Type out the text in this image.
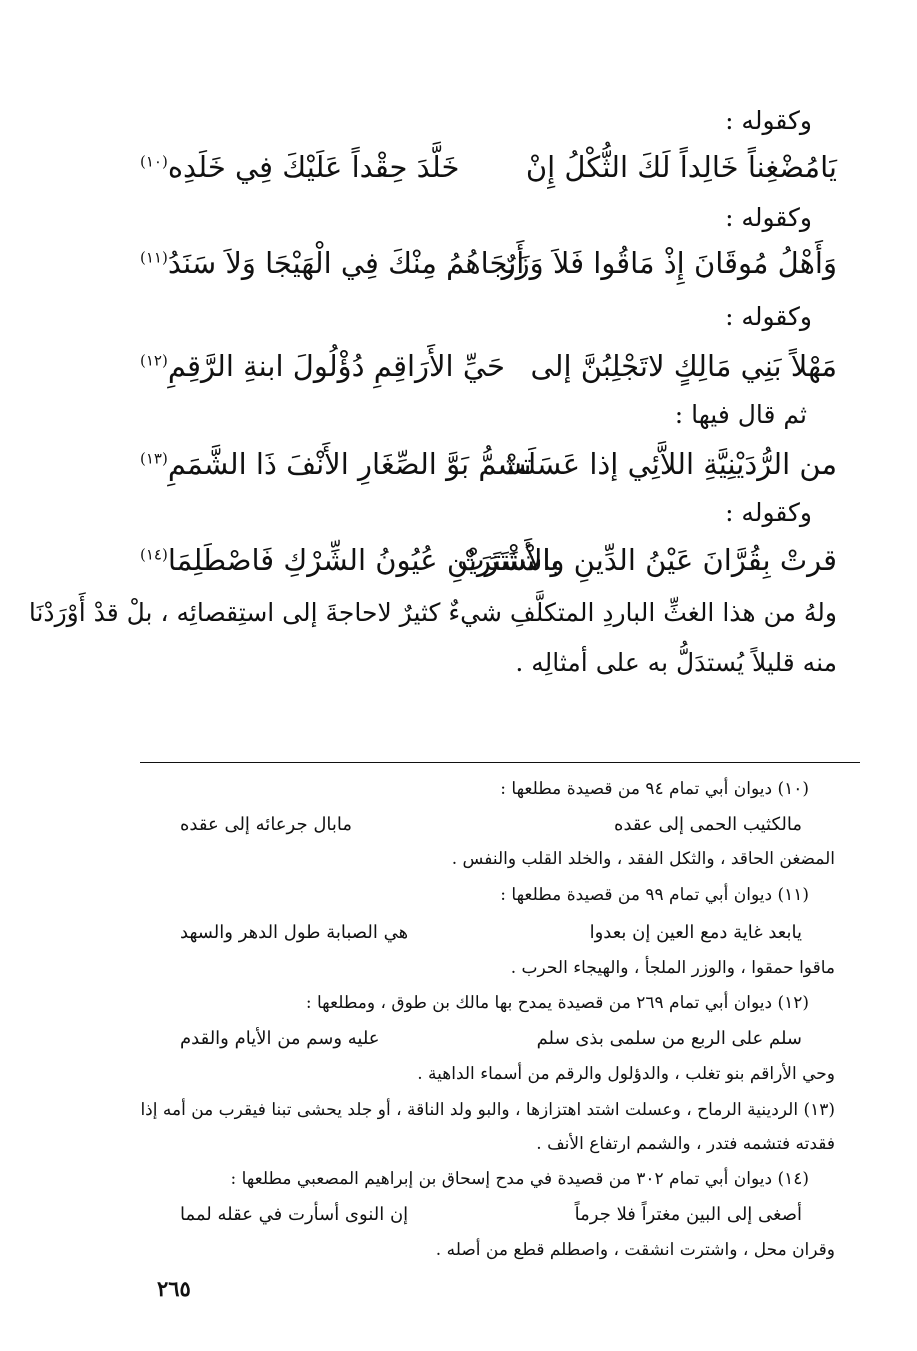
وكقوله :
يَامُضْغِناً خَالِداً لَكَ الثُّكْلُ إِنْ
خَلَّدَ حِقْداً عَلَيْكَ فِي خَلَدِه$^{(١٠)}$
وكقوله :
وَأَهْلُ مُوقَانَ إِذْ مَاقُوا فَلاَ وَزَرٌ
أَنجَاهُمُ مِنْكَ فِي الْهَيْجَا وَلاَ سَنَدُ$^{(١١)}$
وكقوله :
مَهْلاً بَنِي مَالِكٍ لاتَجْلِبُنَّ إلى
حَيِّ الأَرَاقِمِ دُؤْلُولَ ابنةِ الرَّقِمِ$^{(١٢)}$
ثم قال فيها :
من الرُّدَيْنِيَّةِ اللاَّئِي إذا عَسَلَتْ
تشمُّ بَوَّ الصِّغَارِ الأَنْفَ ذَا الشَّمَمِ$^{(١٣)}$
وكقوله :
قرتْ بِقُرَّانَ عَيْنُ الدِّينِ واشْتَتَرَتْ
بالأَشْتَرَيْنِ عُيُونُ الشِّرْكِ فَاصْطَلِمَا$^{(١٤)}$
ولهُ من هذا الغثِّ الباردِ المتكلَّفِ شيءٌ كثيرٌ لاحاجةَ إلى استِقصائِه ، بلْ قدْ أَوْرَدْنَا
منه قليلاً يُستدَلُّ به على أمثالِه .
(١٠) ديوان أبي تمام ٩٤ من قصيدة مطلعها :
مالكثيب الحمى إلى عقده
مابال جرعائه إلى عقده
المضغن الحاقد ، والثكل الفقد ، والخلد القلب والنفس .
(١١) ديوان أبي تمام ٩٩ من قصيدة مطلعها :
يابعد غاية دمع العين إن بعدوا
هي الصبابة طول الدهر والسهد
ماقوا حمقوا ، والوزر الملجأ ، والهيجاء الحرب .
(١٢) ديوان أبي تمام ٢٦٩ من قصيدة يمدح بها مالك بن طوق ، ومطلعها :
سلم على الربع من سلمى بذى سلم
عليه وسم من الأيام والقدم
وحي الأراقم بنو تغلب ، والدؤلول والرقم من أسماء الداهية .
(١٣) الردينية الرماح ، وعسلت اشتد اهتزازها ، والبو ولد الناقة ، أو جلد يحشى تبنا فيقرب من أمه إذا
فقدته فتشمه فتدر ، والشمم ارتفاع الأنف .
(١٤) ديوان أبي تمام ٣٠٢ من قصيدة في مدح إسحاق بن إبراهيم المصعبي مطلعها :
أصغى إلى البين مغتراً فلا جرماً
إن النوى أسأرت في عقله لمما
وقران محل ، واشترت انشقت ، واصطلم قطع من أصله .
٢٦٥
